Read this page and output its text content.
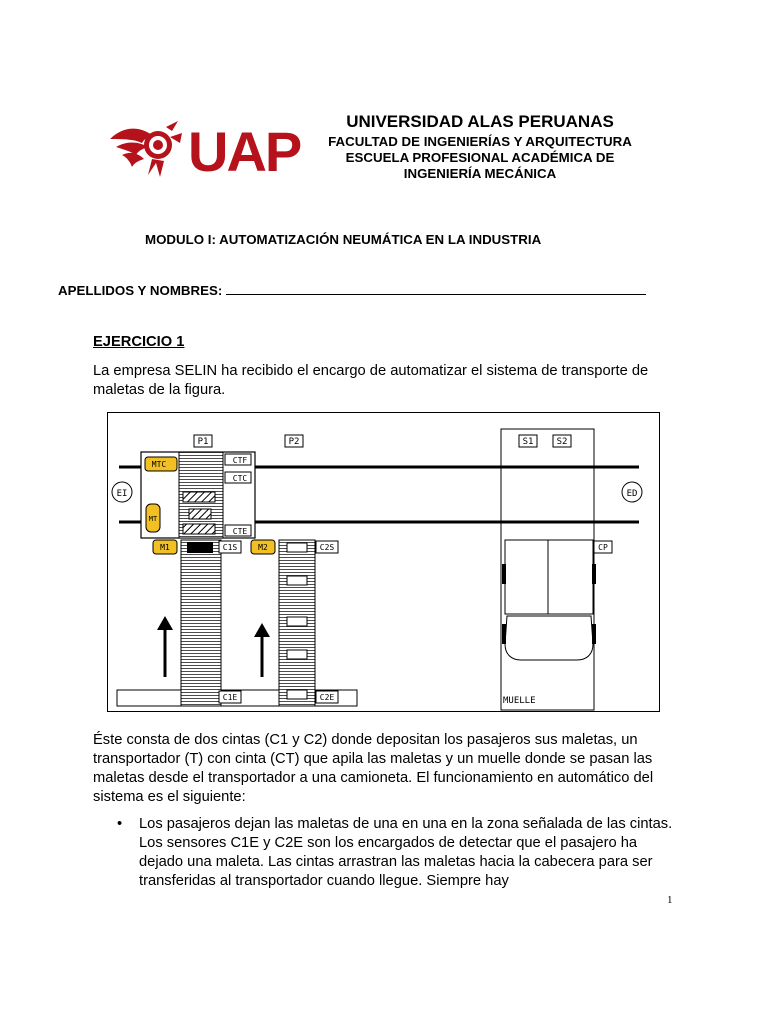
UAP	UNIVERSIDAD ALAS PERUANAS
FACULTAD DE INGENIERÍAS Y ARQUITECTURA
ESCUELA PROFESIONAL ACADÉMICA DE
INGENIERÍA MECÁNICA
MODULO I: AUTOMATIZACIÓN NEUMÁTICA EN LA INDUSTRIA
APELLIDOS Y NOMBRES:
EJERCICIO 1
La empresa SELIN ha recibido el encargo de automatizar el sistema de transporte de maletas de la figura.
EI	ED
P1	P2	S1	S2
MTC
MT
CTF
CTC
CTE
M1	M2
C1S	C2S
C1E	C2E
CP
MUELLE
Éste consta de dos cintas (C1 y C2) donde depositan los pasajeros sus maletas, un transportador (T) con cinta (CT) que apila las maletas y un muelle donde se pasan las maletas desde el transportador a una camioneta. El funcionamiento en automático del sistema es el siguiente:
• Los pasajeros dejan las maletas de una en una en la zona señalada de las cintas. Los sensores C1E y C2E son los encargados de detectar que el pasajero ha dejado una maleta. Las cintas arrastran las maletas hacia la cabecera para ser transferidas al transportador cuando llegue. Siempre hay
1
